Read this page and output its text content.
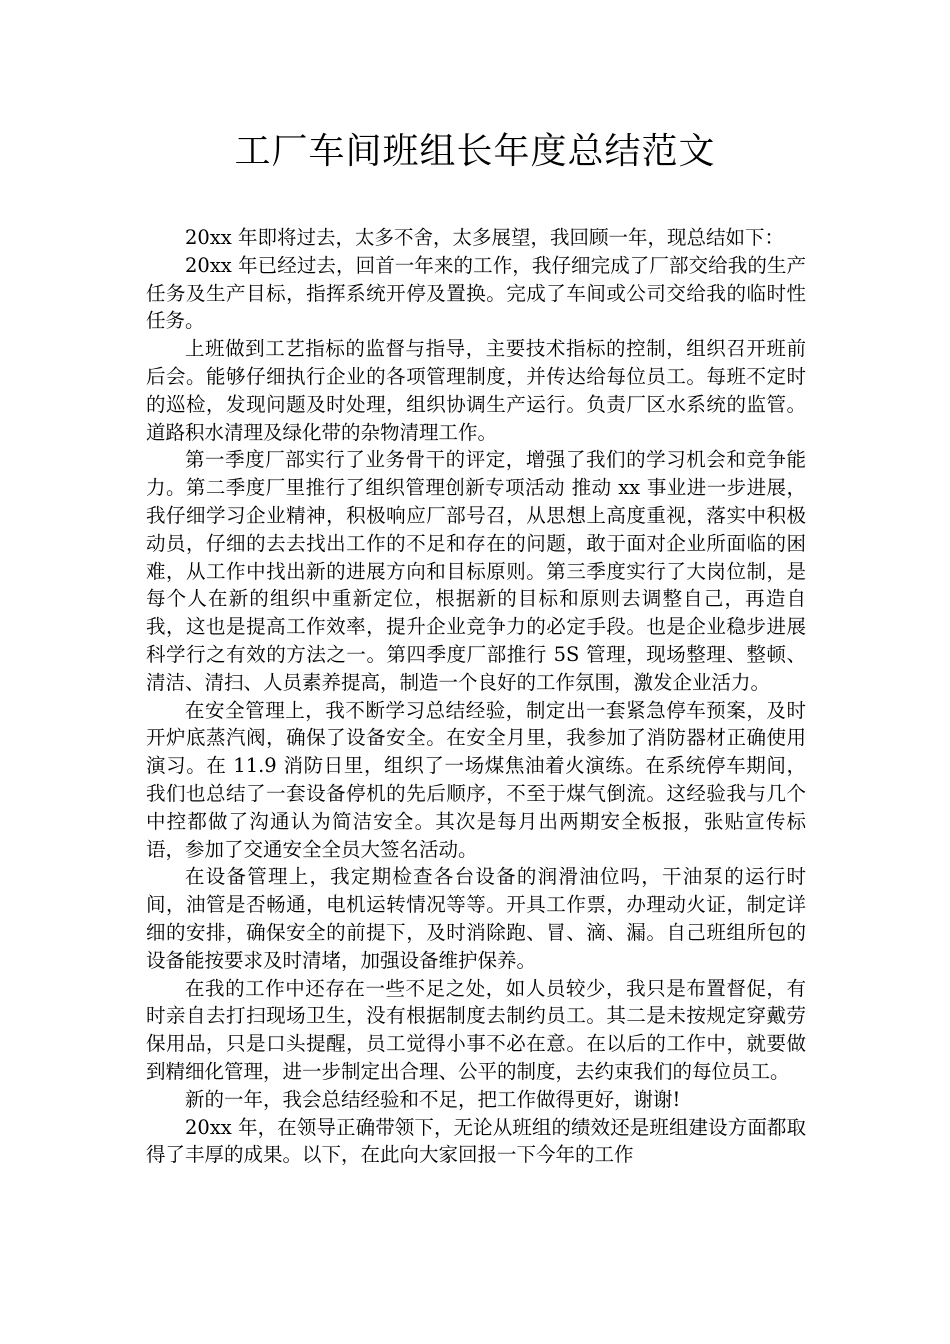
工厂车间班组长年度总结范文

20xx 年即将过去，太多不舍，太多展望，我回顾一年，现总结如下：

20xx 年已经过去，回首一年来的工作，我仔细完成了厂部交给我的生产任务及生产目标，指挥系统开停及置换。完成了车间或公司交给我的临时性任务。

上班做到工艺指标的监督与指导，主要技术指标的控制，组织召开班前后会。能够仔细执行企业的各项管理制度，并传达给每位员工。每班不定时的巡检，发现问题及时处理，组织协调生产运行。负责厂区水系统的监管。道路积水清理及绿化带的杂物清理工作。

第一季度厂部实行了业务骨干的评定，增强了我们的学习机会和竞争能力。第二季度厂里推行了组织管理创新专项活动 推动 xx 事业进一步进展，我仔细学习企业精神，积极响应厂部号召，从思想上高度重视，落实中积极动员，仔细的去去找出工作的不足和存在的问题，敢于面对企业所面临的困难，从工作中找出新的进展方向和目标原则。第三季度实行了大岗位制，是每个人在新的组织中重新定位，根据新的目标和原则去调整自己，再造自我，这也是提高工作效率，提升企业竞争力的必定手段。也是企业稳步进展 科学行之有效的方法之一。第四季度厂部推行 5S 管理，现场整理、整顿、清洁、清扫、人员素养提高，制造一个良好的工作氛围，激发企业活力。

在安全管理上，我不断学习总结经验，制定出一套紧急停车预案，及时开炉底蒸汽阀，确保了设备安全。在安全月里，我参加了消防器材正确使用演习。在 11.9 消防日里，组织了一场煤焦油着火演练。在系统停车期间，我们也总结了一套设备停机的先后顺序，不至于煤气倒流。这经验我与几个中控都做了沟通认为简洁安全。其次是每月出两期安全板报，张贴宣传标语，参加了交通安全全员大签名活动。

在设备管理上，我定期检查各台设备的润滑油位吗，干油泵的运行时间，油管是否畅通，电机运转情况等等。开具工作票，办理动火证，制定详细的安排，确保安全的前提下，及时消除跑、冒、滴、漏。自己班组所包的设备能按要求及时清堵，加强设备维护保养。

在我的工作中还存在一些不足之处，如人员较少，我只是布置督促，有时亲自去打扫现场卫生，没有根据制度去制约员工。其二是未按规定穿戴劳保用品，只是口头提醒，员工觉得小事不必在意。在以后的工作中，就要做到精细化管理，进一步制定出合理、公平的制度，去约束我们的每位员工。

新的一年，我会总结经验和不足，把工作做得更好，谢谢!

20xx 年，在领导正确带领下，无论从班组的绩效还是班组建设方面都取得了丰厚的成果。以下，在此向大家回报一下今年的工作
